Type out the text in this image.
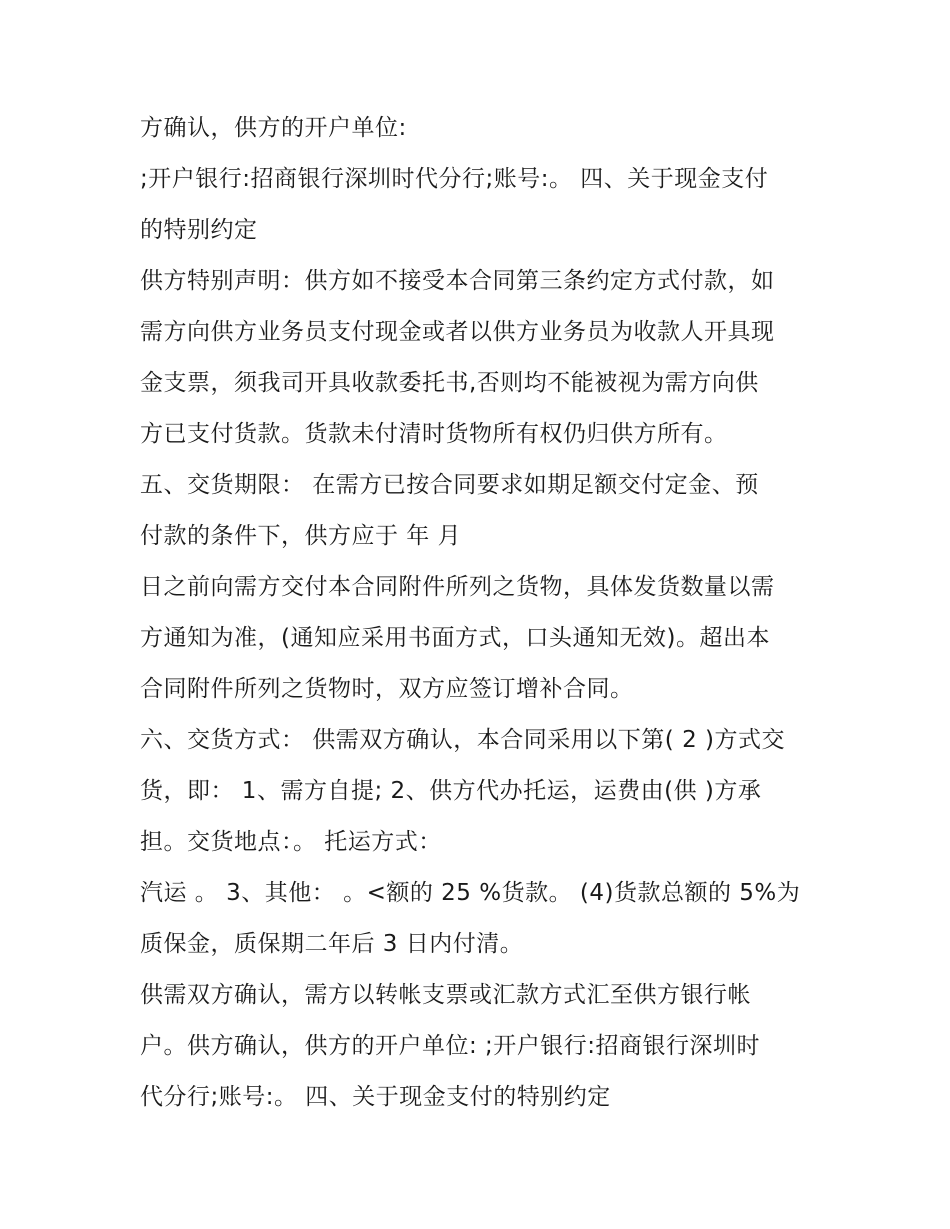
方确认，供方的开户单位:

;开户银行:招商银行深圳时代分行;账号:。 四、关于现金支付

的特别约定

供方特别声明：供方如不接受本合同第三条约定方式付款，如

需方向供方业务员支付现金或者以供方业务员为收款人开具现

金支票，须我司开具收款委托书,否则均不能被视为需方向供

方已支付货款。货款未付清时货物所有权仍归供方所有。

五、交货期限： 在需方已按合同要求如期足额交付定金、预

付款的条件下，供方应于 年 月

日之前向需方交付本合同附件所列之货物，具体发货数量以需

方通知为准，(通知应采用书面方式，口头通知无效)。超出本

合同附件所列之货物时，双方应签订增补合同。

六、交货方式： 供需双方确认，本合同采用以下第( 2 )方式交

货，即： 1、需方自提; 2、供方代办托运，运费由(供 )方承

担。交货地点：。 托运方式：

汽运 。 3、其他： 。<额的 25 %货款。 (4)货款总额的 5%为

质保金，质保期二年后 3 日内付清。

供需双方确认，需方以转帐支票或汇款方式汇至供方银行帐

户。供方确认，供方的开户单位: ;开户银行:招商银行深圳时

代分行;账号:。 四、关于现金支付的特别约定
